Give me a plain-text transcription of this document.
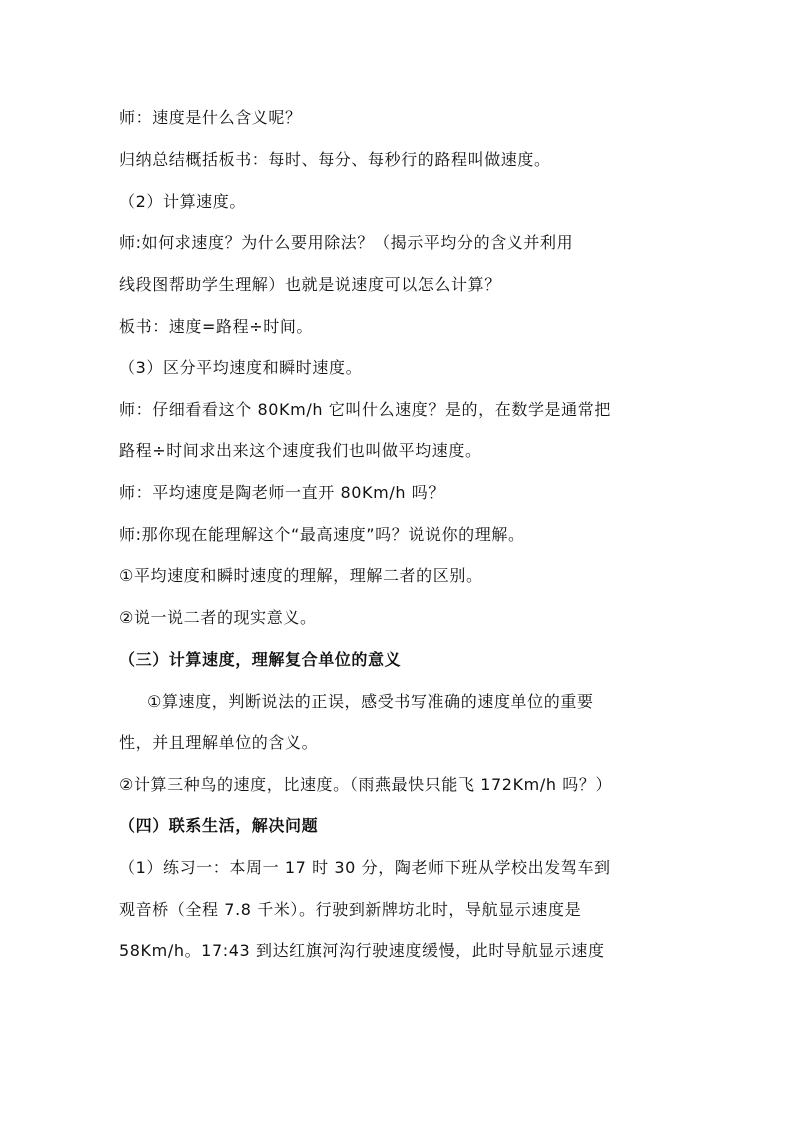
师：速度是什么含义呢？

归纳总结概括板书：每时、每分、每秒行的路程叫做速度。

（2）计算速度。

师:如何求速度？为什么要用除法？（揭示平均分的含义并利用

线段图帮助学生理解）也就是说速度可以怎么计算？

板书：速度=路程÷时间。

（3）区分平均速度和瞬时速度。

师：仔细看看这个 80Km/h 它叫什么速度？是的，在数学是通常把

路程÷时间求出来这个速度我们也叫做平均速度。

师：平均速度是陶老师一直开 80Km/h 吗？

师:那你现在能理解这个“最高速度”吗？说说你的理解。

①平均速度和瞬时速度的理解，理解二者的区别。

②说一说二者的现实意义。

（三）计算速度，理解复合单位的意义

①算速度，判断说法的正误，感受书写准确的速度单位的重要

性，并且理解单位的含义。

②计算三种鸟的速度，比速度。（雨燕最快只能飞 172Km/h 吗？）

（四）联系生活，解决问题

（1）练习一：本周一 17 时 30 分，陶老师下班从学校出发驾车到

观音桥（全程 7.8 千米）。行驶到新牌坊北时，导航显示速度是

58Km/h。17:43 到达红旗河沟行驶速度缓慢，此时导航显示速度
